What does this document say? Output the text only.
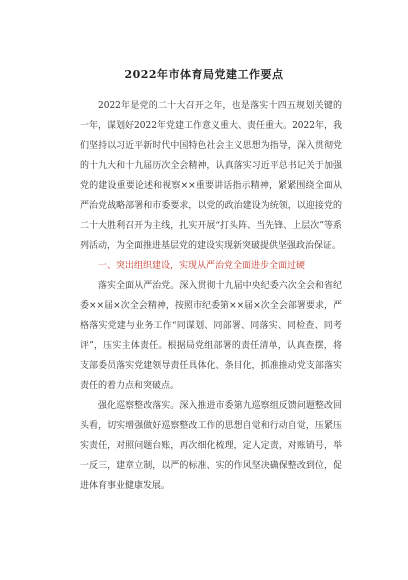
2022年市体育局党建工作要点

2022年是党的二十大召开之年，也是落实十四五规划关键的一年，谋划好2022年党建工作意义重大、责任重大。2022年，我们坚持以习近平新时代中国特色社会主义思想为指导，深入贯彻党的十九大和十九届历次全会精神，认真落实习近平总书记关于加强党的建设重要论述和视察××重要讲话指示精神，紧紧围绕全面从严治党战略部署和市委要求，以党的政治建设为统领，以迎接党的二十大胜利召开为主线，扎实开展“打头阵、当先锋、上层次”等系列活动，为全面推进基层党的建设实现新突破提供坚强政治保证。

一、突出组织建设，实现从严治党全面进步全面过硬

落实全面从严治党。深入贯彻十九届中央纪委六次全会和省纪委××届×次全会精神，按照市纪委第××届×次全会部署要求，严格落实党建与业务工作“同谋划、同部署、同落实、同检查、同考评”，压实主体责任。根据局党组部署的责任清单，认真查摆，将支部委员落实党建领导责任具体化、条目化，抓准推动党支部落实责任的着力点和突破点。

强化巡察整改落实。深入推进市委第九巡察组反馈问题整改回头看，切实增强做好巡察整改工作的思想自觉和行动自觉，压紧压实责任，对照问题台账，再次细化梳理，定人定责，对账销号，举一反三，建章立制，以严的标准、实的作风坚决确保整改到位，促进体育事业健康发展。
